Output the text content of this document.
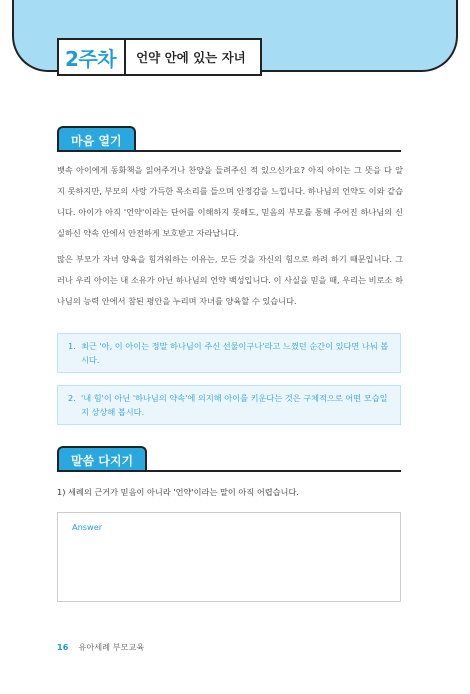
2주차	언약 안에 있는 자녀
마음 열기

뱃속 아이에게 동화책을 읽어주거나 찬양을 들려주신 적 있으신가요? 아직 아이는 그 뜻을 다 알지 못하지만, 부모의 사랑 가득한 목소리를 들으며 안정감을 느낍니다. 하나님의 언약도 이와 같습니다. 아이가 아직 '언약'이라는 단어를 이해하지 못해도, 믿음의 부모를 통해 주어진 하나님의 신실하신 약속 안에서 안전하게 보호받고 자라납니다.

많은 부모가 자녀 양육을 힘겨워하는 이유는, 모든 것을 자신의 힘으로 하려 하기 때문입니다. 그러나 우리 아이는 내 소유가 아닌 하나님의 언약 백성입니다. 이 사실을 믿을 때, 우리는 비로소 하나님의 능력 안에서 참된 평안을 누리며 자녀를 양육할 수 있습니다.

1. 최근 '아, 이 아이는 정말 하나님이 주신 선물이구나'라고 느꼈던 순간이 있다면 나눠 봅시다.
2. '내 힘'이 아닌 '하나님의 약속'에 의지해 아이를 키운다는 것은 구체적으로 어떤 모습일지 상상해 봅시다.
말씀 다지기
1) 세례의 근거가 믿음이 아니라 '언약'이라는 말이 아직 어렵습니다.
Answer
16 유아세례 부모교육
